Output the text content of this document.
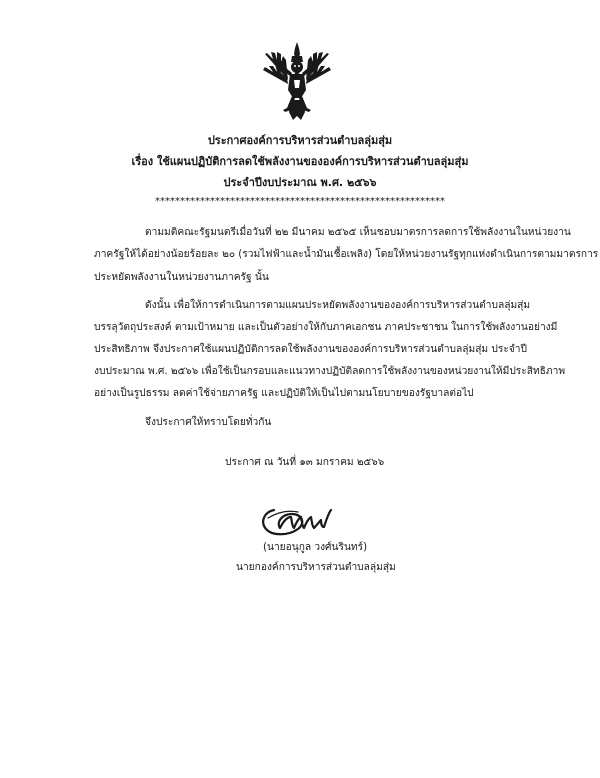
ประกาศองค์การบริหารส่วนตำบลลุ่มสุ่ม
เรื่อง ใช้แผนปฏิบัติการลดใช้พลังงานขององค์การบริหารส่วนตำบลลุ่มสุ่ม
ประจำปีงบประมาณ พ.ศ. ๒๕๖๖
**********************************************************
ตามมติคณะรัฐมนตรีเมื่อวันที่ ๒๒ มีนาคม ๒๕๖๕ เห็นชอบมาตรการลดการใช้พลังงานในหน่วยงาน
ภาครัฐให้ได้อย่างน้อยร้อยละ ๒๐ (รวมไฟฟ้าและน้ำมันเชื้อเพลิง) โดยให้หน่วยงานรัฐทุกแห่งดำเนินการตามมาตรการ
ประหยัดพลังงานในหน่วยงานภาครัฐ นั้น
ดังนั้น เพื่อให้การดำเนินการตามแผนประหยัดพลังงานขององค์การบริหารส่วนตำบลลุ่มสุ่ม
บรรลุวัตถุประสงค์ ตามเป้าหมาย และเป็นตัวอย่างให้กับภาคเอกชน ภาคประชาชน ในการใช้พลังงานอย่างมี
ประสิทธิภาพ จึงประกาศใช้แผนปฏิบัติการลดใช้พลังงานขององค์การบริหารส่วนตำบลลุ่มสุ่ม ประจำปี
งบประมาณ พ.ศ. ๒๕๖๖ เพื่อใช้เป็นกรอบและแนวทางปฏิบัติลดการใช้พลังงานของหน่วยงานให้มีประสิทธิภาพ
อย่างเป็นรูปธรรม ลดค่าใช้จ่ายภาครัฐ และปฏิบัติให้เป็นไปตามนโยบายของรัฐบาลต่อไป
จึงประกาศให้ทราบโดยทั่วกัน
ประกาศ ณ วันที่ ๑๓ มกราคม ๒๕๖๖
(นายอนุกูล วงศ์นรินทร์)
นายกองค์การบริหารส่วนตำบลลุ่มสุ่ม
